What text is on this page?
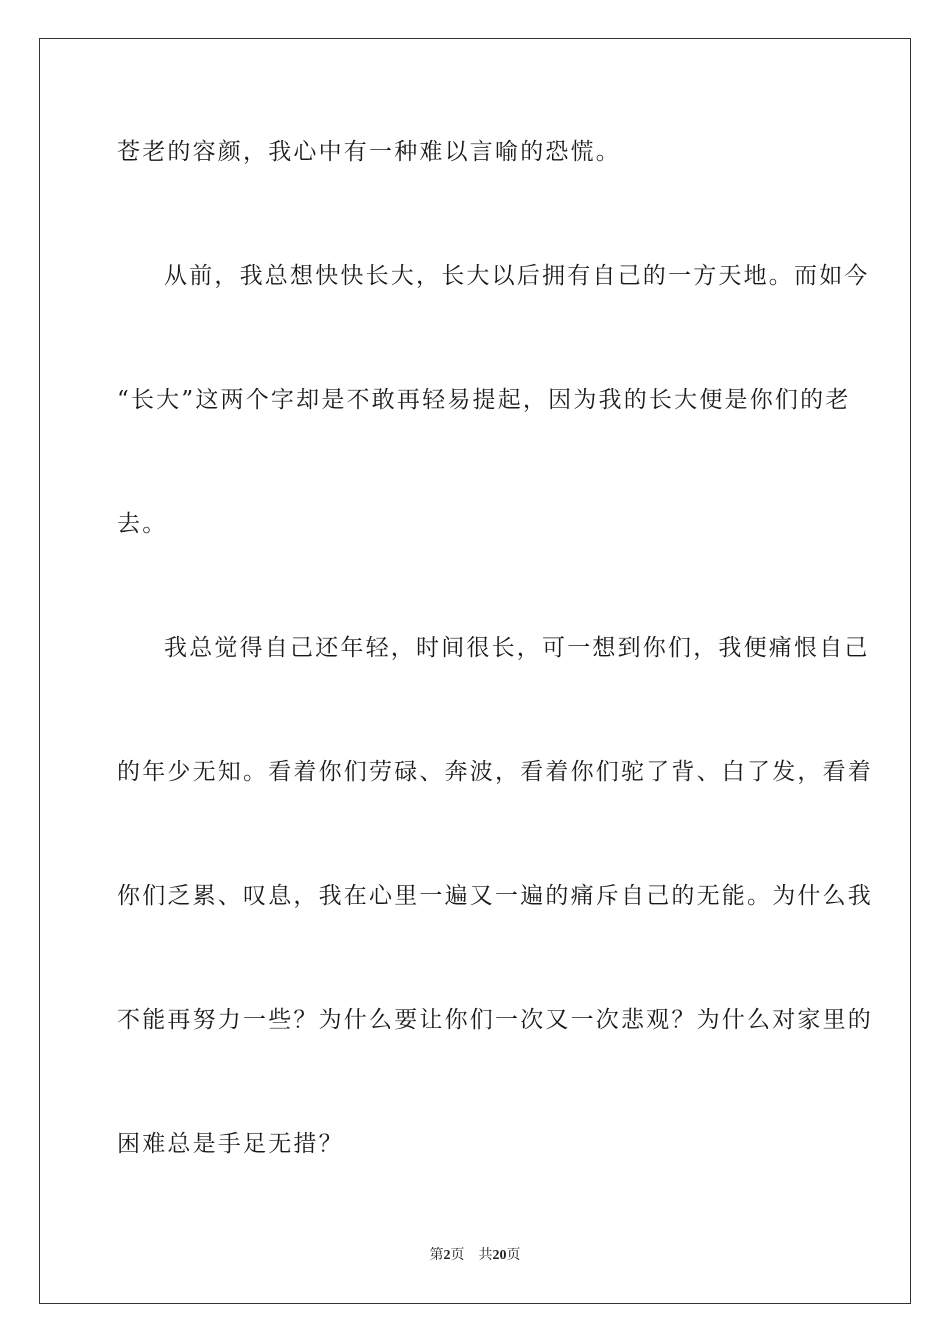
苍老的容颜，我心中有一种难以言喻的恐慌。
从前，我总想快快长大，长大以后拥有自己的一方天地。而如今
“长大”这两个字却是不敢再轻易提起，因为我的长大便是你们的老
去。
我总觉得自己还年轻，时间很长，可一想到你们，我便痛恨自己
的年少无知。看着你们劳碌、奔波，看着你们驼了背、白了发，看着
你们乏累、叹息，我在心里一遍又一遍的痛斥自己的无能。为什么我
不能再努力一些？为什么要让你们一次又一次悲观？为什么对家里的
困难总是手足无措？
第2页 共20页
